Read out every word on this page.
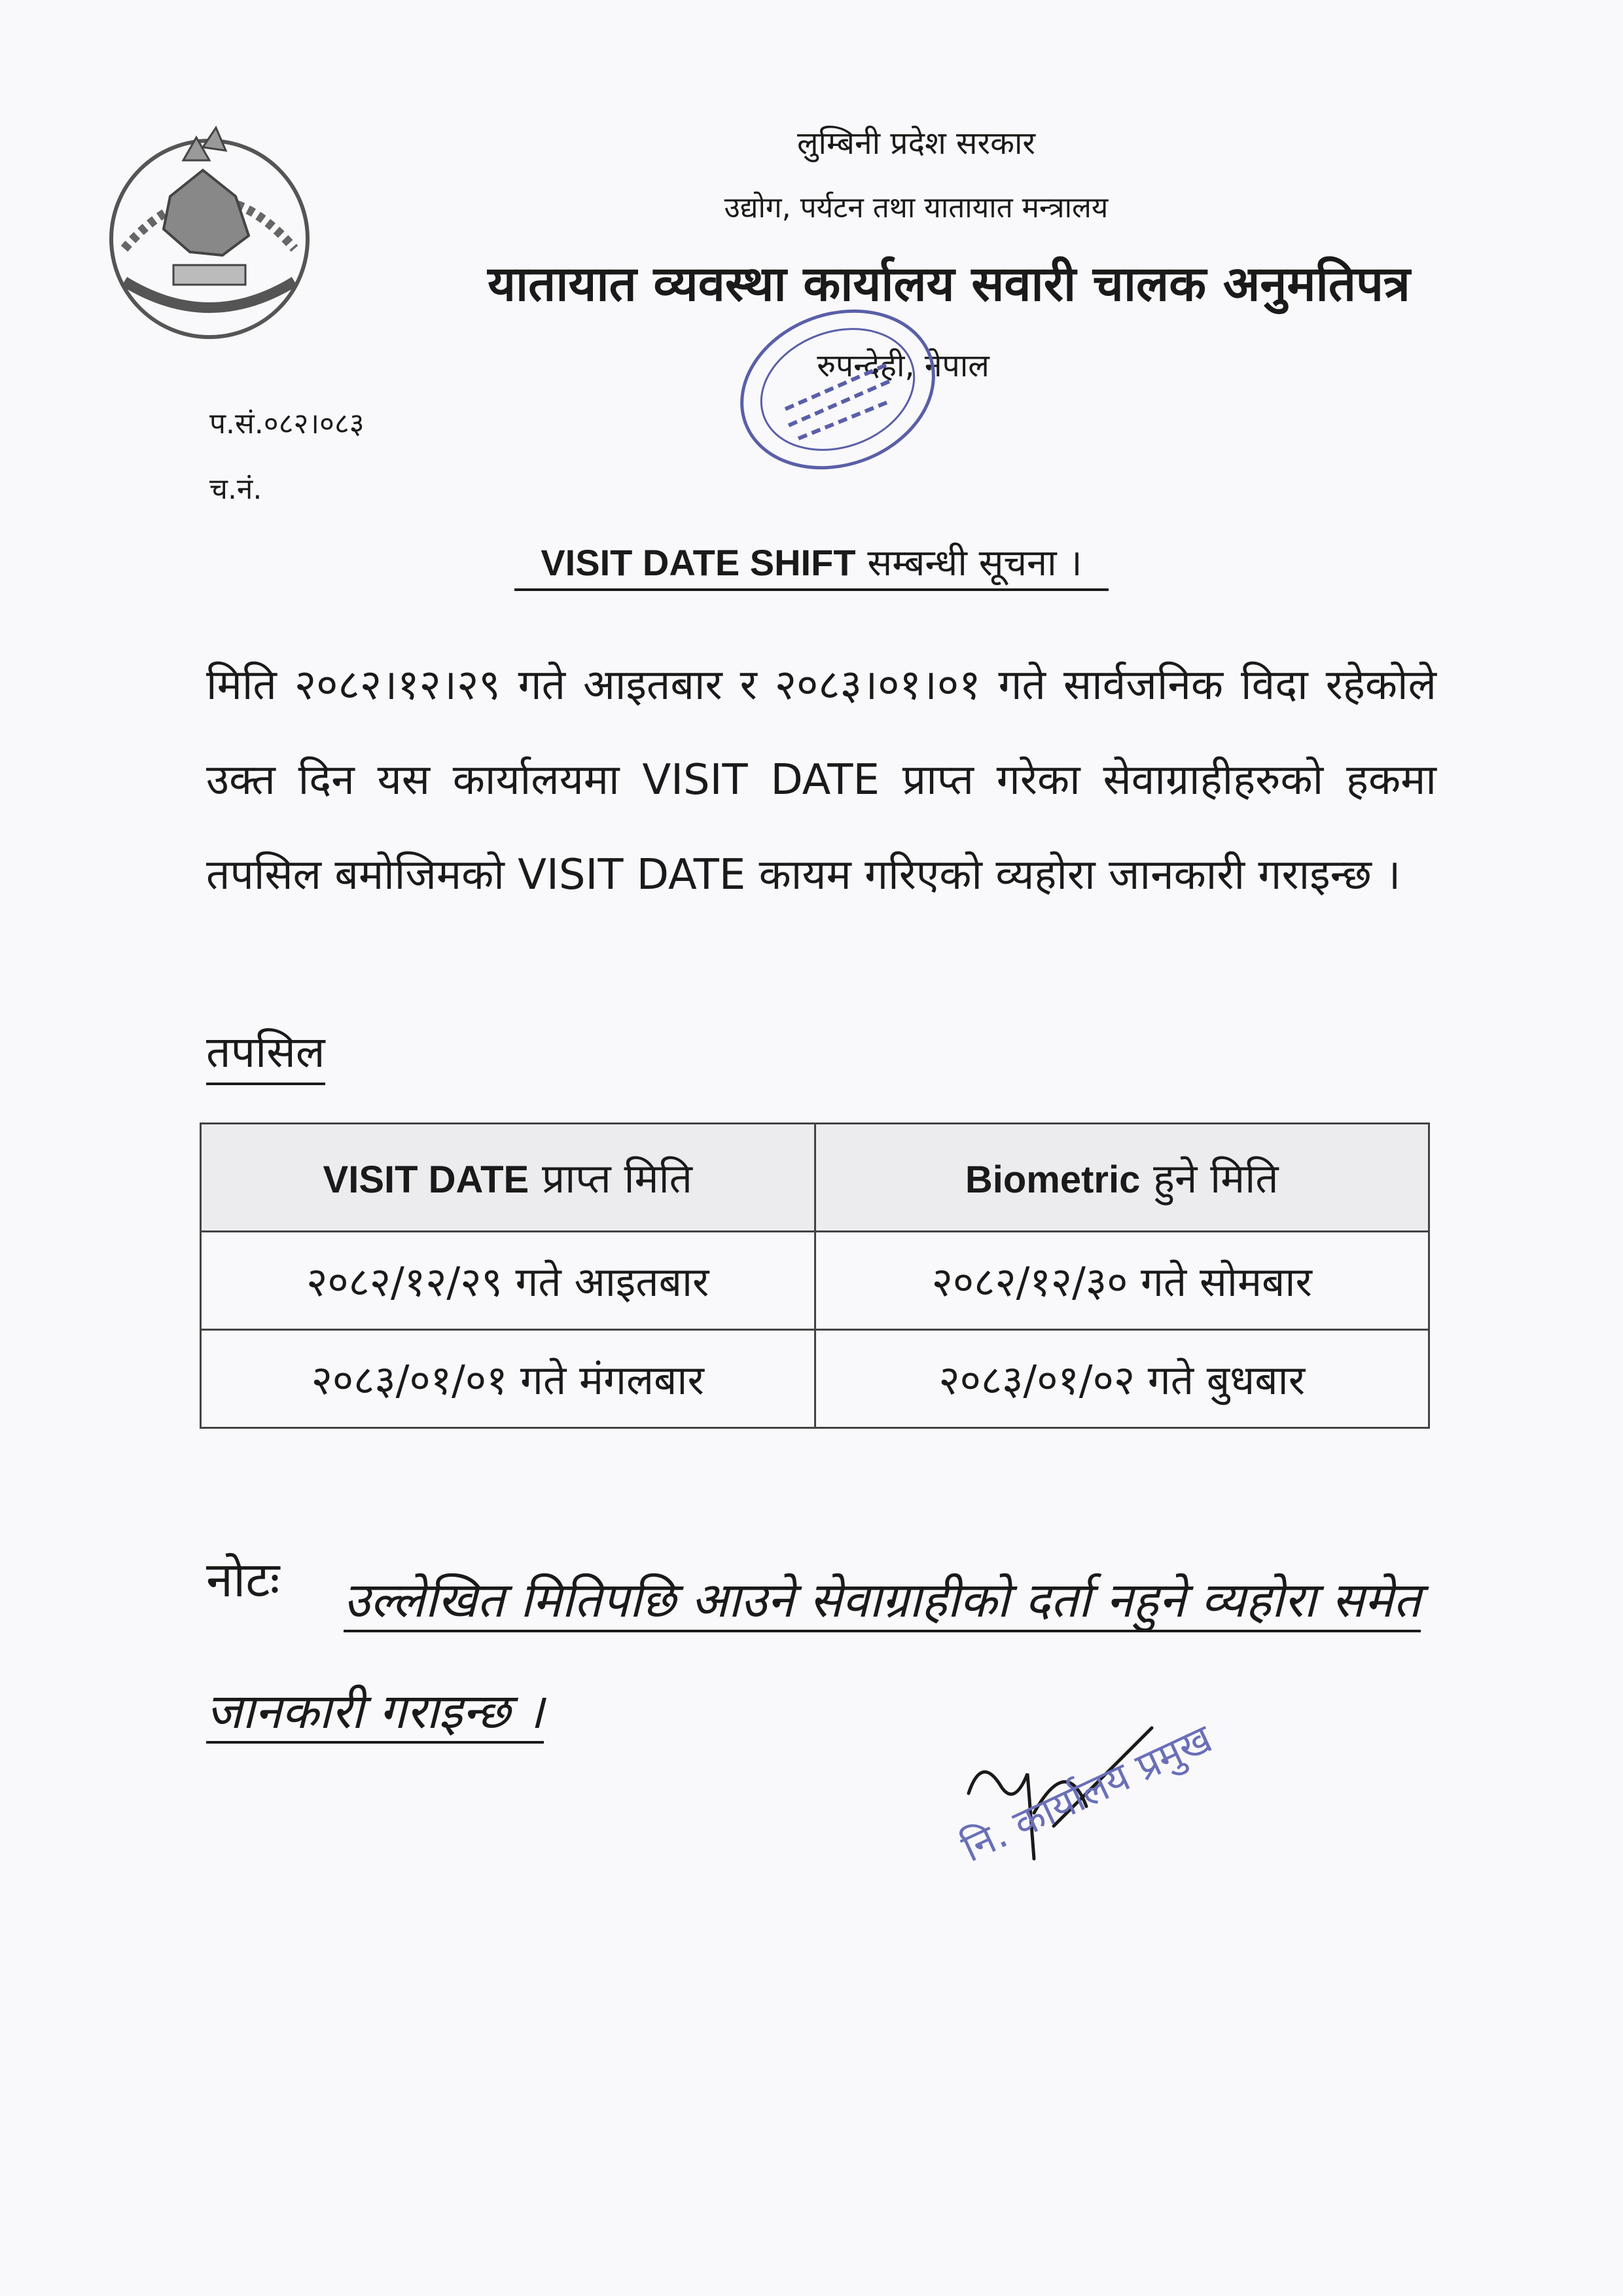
लुम्बिनी प्रदेश सरकार
उद्योग, पर्यटन तथा यातायात मन्त्रालय
यातायात व्यवस्था कार्यालय सवारी चालक अनुमतिपत्र
रुपन्देही, नेपाल
प.सं.०८२।०८३
च.नं.
VISIT DATE SHIFT सम्बन्धी सूचना ।
मिति २०८२।१२।२९ गते आइतबार र २०८३।०१।०१ गते सार्वजनिक विदा रहेकोले उक्त दिन यस कार्यालयमा VISIT DATE प्राप्त गरेका सेवाग्राहीहरुको हकमा तपसिल बमोजिमको VISIT DATE कायम गरिएको व्यहोरा जानकारी गराइन्छ ।
तपसिल
VISIT DATE प्राप्त मिति	Biometric हुने मिति
२०८२/१२/२९ गते आइतबार	२०८२/१२/३० गते सोमबार
२०८३/०१/०१ गते मंगलबार	२०८३/०१/०२ गते बुधबार
नोटः	उल्लेखित मितिपछि आउने सेवाग्राहीको दर्ता नहुने व्यहोरा समेत जानकारी गराइन्छ ।
नि. कार्यालय प्रमुख
